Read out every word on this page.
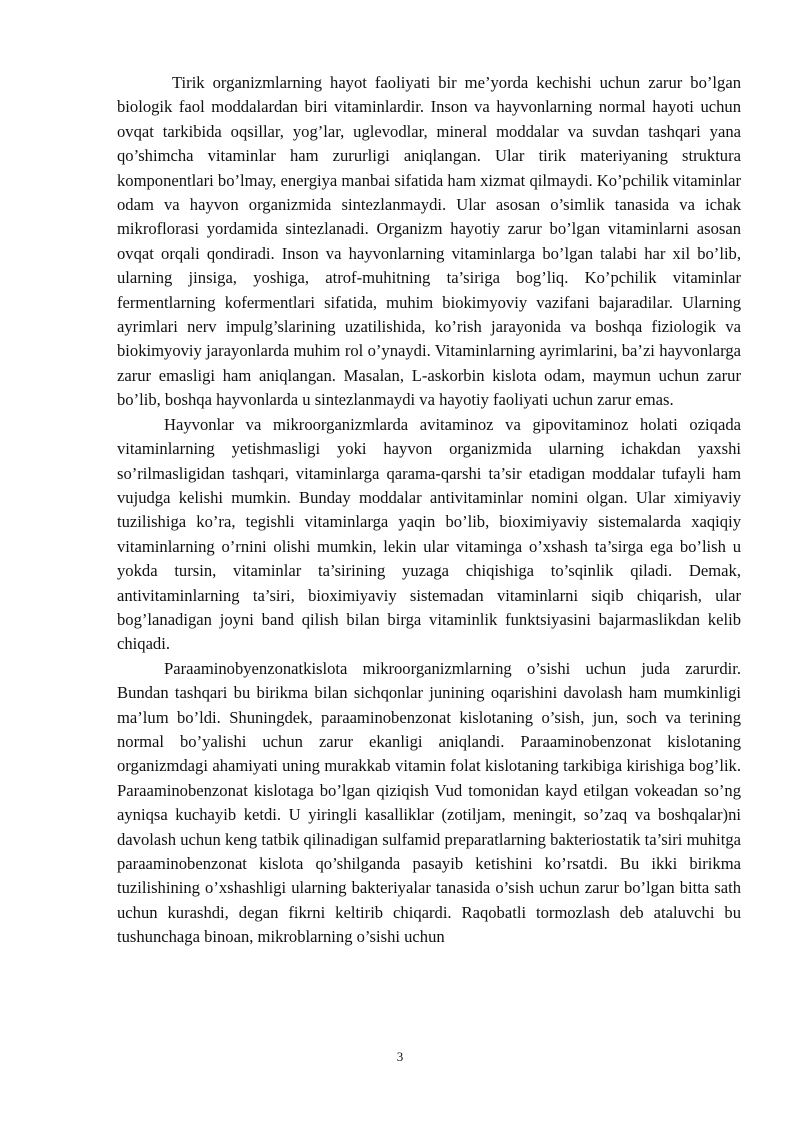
Tirik organizmlarning hayot faoliyati bir me’yorda kechishi uchun zarur bo’lgan biologik faol moddalardan biri vitaminlardir. Inson va hayvonlarning normal hayoti uchun ovqat tarkibida oqsillar, yog’lar, uglevodlar, mineral moddalar va suvdan tashqari yana qo’shimcha vitaminlar ham zururligi aniqlangan. Ular tirik materiyaning struktura komponentlari bo’lmay, energiya manbai sifatida ham xizmat qilmaydi. Ko’pchilik vitaminlar odam va hayvon organizmida sintezlanmaydi. Ular asosan o’simlik tanasida va ichak mikroflorasi yordamida sintezlanadi. Organizm hayotiy zarur bo’lgan vitaminlarni asosan ovqat orqali qondiradi. Inson va hayvonlarning vitaminlarga bo’lgan talabi har xil bo’lib, ularning jinsiga, yoshiga, atrof-muhitning ta’siriga bog’liq. Ko’pchilik vitaminlar fermentlarning kofermentlari sifatida, muhim biokimyoviy vazifani bajaradilar. Ularning ayrimlari nerv impulg’slarining uzatilishida, ko’rish jarayonida va boshqa fiziologik va biokimyoviy jarayonlarda muhim rol o’ynaydi. Vitaminlarning ayrimlarini, ba’zi hayvonlarga zarur emasligi ham aniqlangan. Masalan, L-askorbin kislota odam, maymun uchun zarur bo’lib, boshqa hayvonlarda u sintezlanmaydi va hayotiy faoliyati uchun zarur emas.

Hayvonlar va mikroorganizmlarda avitaminoz va gipovitaminoz holati oziqada vitaminlarning yetishmasligi yoki hayvon organizmida ularning ichakdan yaxshi so’rilmasligidan tashqari, vitaminlarga qarama-qarshi ta’sir etadigan moddalar tufayli ham vujudga kelishi mumkin. Bunday moddalar antivitaminlar nomini olgan. Ular ximiyaviy tuzilishiga ko’ra, tegishli vitaminlarga yaqin bo’lib, bioximiyaviy sistemalarda xaqiqiy vitaminlarning o’rnini olishi mumkin, lekin ular vitaminga o’xshash ta’sirga ega bo’lish u yokda tursin, vitaminlar ta’sirining yuzaga chiqishiga to’sqinlik qiladi. Demak, antivitaminlarning ta’siri, bioximiyaviy sistemadan vitaminlarni siqib chiqarish, ular bog’lanadigan joyni band qilish bilan birga vitaminlik funktsiyasini bajarmaslikdan kelib chiqadi.

Paraaminobyenzonatkislota mikroorganizmlarning o’sishi uchun juda zarurdir. Bundan tashqari bu birikma bilan sichqonlar junining oqarishini davolash ham mumkinligi ma’lum bo’ldi. Shuningdek, paraaminobenzonat kislotaning o’sish, jun, soch va terining normal bo’yalishi uchun zarur ekanligi aniqlandi. Paraaminobenzonat kislotaning organizmdagi ahamiyati uning murakkab vitamin folat kislotaning tarkibiga kirishiga bog’lik. Paraaminobenzonat kislotaga bo’lgan qiziqish Vud tomonidan kayd etilgan vokeadan so’ng ayniqsa kuchayib ketdi. U yiringli kasalliklar (zotiljam, meningit, so’zaq va boshqalar)ni davolash uchun keng tatbik qilinadigan sulfamid preparatlarning bakteriostatik ta’siri muhitga paraaminobenzonat kislota qo’shilganda pasayib ketishini ko’rsatdi. Bu ikki birikma tuzilishining o’xshashligi ularning bakteriyalar tanasida o’sish uchun zarur bo’lgan bitta sath uchun kurashdi, degan fikrni keltirib chiqardi. Raqobatli tormozlash deb ataluvchi bu tushunchaga binoan, mikroblarning o’sishi uchun

3
